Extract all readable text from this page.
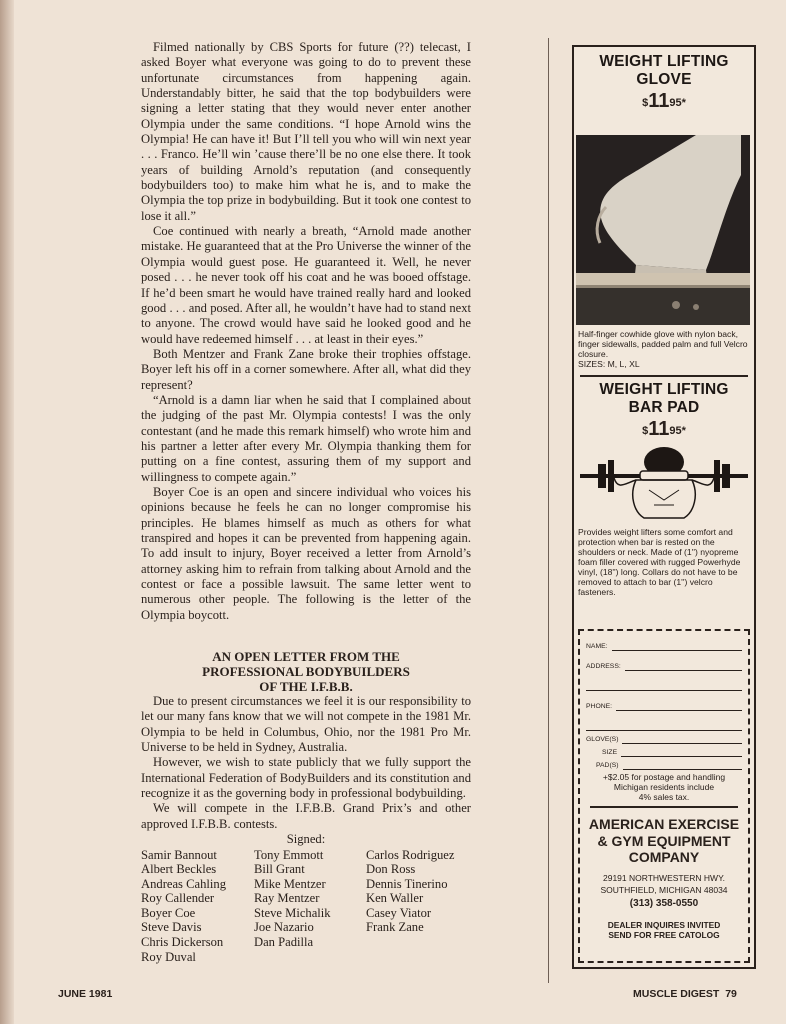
Filmed nationally by CBS Sports for future (??) telecast, I asked Boyer what everyone was going to do to prevent these unfortunate circumstances from happening again. Understandably bitter, he said that the top bodybuilders were signing a letter stating that they would never enter another Olympia under the same conditions. “I hope Arnold wins the Olympia! He can have it! But I’ll tell you who will win next year . . . Franco. He’ll win ’cause there’ll be no one else there. It took years of building Arnold’s reputation (and consequently bodybuilders too) to make him what he is, and to make the Olympia the top prize in bodybuilding. But it took one contest to lose it all.”

Coe continued with nearly a breath, “Arnold made another mistake. He guaranteed that at the Pro Universe the winner of the Olympia would guest pose. He guaranteed it. Well, he never posed . . . he never took off his coat and he was booed offstage. If he’d been smart he would have trained really hard and looked good . . . and posed. After all, he wouldn’t have had to stand next to anyone. The crowd would have said he looked good and he would have redeemed himself . . . at least in their eyes.”

Both Mentzer and Frank Zane broke their trophies offstage. Boyer left his off in a corner somewhere. After all, what did they represent?

“Arnold is a damn liar when he said that I complained about the judging of the past Mr. Olympia contests! I was the only contestant (and he made this remark himself) who wrote him and his partner a letter after every Mr. Olympia thanking them for putting on a fine contest, assuring them of my support and willingness to compete again.”

Boyer Coe is an open and sincere individual who voices his opinions because he feels he can no longer compromise his principles. He blames himself as much as others for what transpired and hopes it can be prevented from happening again. To add insult to injury, Boyer received a letter from Arnold’s attorney asking him to refrain from talking about Arnold and the contest or face a possible lawsuit. The same letter went to numerous other people. The following is the letter of the Olympia boycott.

AN OPEN LETTER FROM THE
PROFESSIONAL BODYBUILDERS
OF THE I.F.B.B.

Due to present circumstances we feel it is our responsibility to let our many fans know that we will not compete in the 1981 Mr. Olympia to be held in Columbus, Ohio, nor the 1981 Pro Mr. Universe to be held in Sydney, Australia.

However, we wish to state publicly that we fully support the International Federation of BodyBuilders and its constitution and recognize it as the governing body in professional bodybuilding.

We will compete in the I.F.B.B. Grand Prix’s and other approved I.F.B.B. contests.

Signed:
Samir Bannout
Albert Beckles
Andreas Cahling
Roy Callender
Boyer Coe
Steve Davis
Chris Dickerson
Roy Duval
Tony Emmott
Bill Grant
Mike Mentzer
Ray Mentzer
Steve Michalik
Joe Nazario
Dan Padilla
Carlos Rodriguez
Don Ross
Dennis Tinerino
Ken Waller
Casey Viator
Frank Zane
WEIGHT LIFTING
GLOVE
$^{\$}11^{95*}$
Half-finger cowhide glove with nylon back, finger sidewalls, padded palm and full Velcro closure.
SIZES: M, L, XL
WEIGHT LIFTING
BAR PAD
$^{\$}11^{95*}$
Provides weight lifters some comfort and protection when bar is rested on the shoulders or neck. Made of (1'') nyopreme foam filler covered with rugged Powerhyde vinyl, (18'') long. Collars do not have to be removed to attach to bar (1'') velcro fasteners.
NAME:
ADDRESS:
PHONE:
GLOVE(S)
SIZE
PAD(S)
+$2.05 for postage and handling
Michigan residents include
4% sales tax.
AMERICAN EXERCISE
& GYM EQUIPMENT
COMPANY
29191 NORTHWESTERN HWY.
SOUTHFIELD, MICHIGAN 48034
(313) 358-0550
DEALER INQUIRES INVITED
SEND FOR FREE CATOLOG
JUNE 1981	MUSCLE DIGEST 79
